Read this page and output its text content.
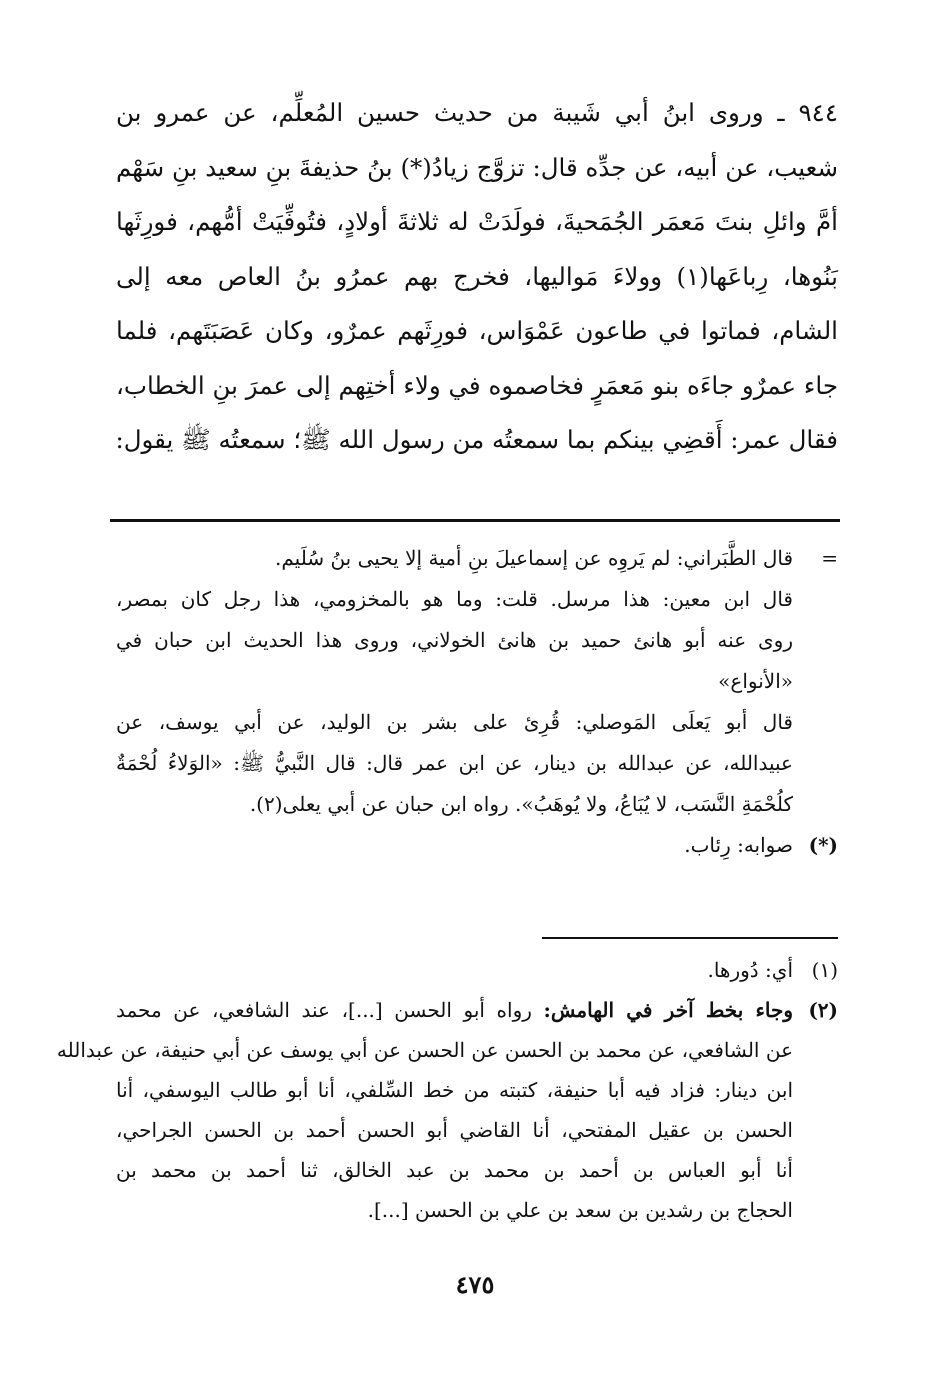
٩٤٤ ـ وروى ابنُ أبي شَيبة من حديث حسين المُعلِّم، عن عمرو بن
شعيب، عن أبيه، عن جدِّه قال: تزوَّج زيادُ(*) بنُ حذيفةَ بنِ سعيد بنِ سَهْم
أمَّ وائلِ بنتَ مَعمَر الجُمَحيةَ، فولَدَتْ له ثلاثةَ أولادٍ، فتُوفِّيَتْ أمُّهم، فورِثَها
بَنُوها، رِباعَها(١) وولاءَ مَواليها، فخرج بهم عمرُو بنُ العاص معه إلى
الشام، فماتوا في طاعون عَمْوَاس، فورِثَهم عمرٌو، وكان عَصَبَتَهم، فلما
جاء عمرٌو جاءَه بنو مَعمَرٍ فخاصموه في ولاء أختِهم إلى عمرَ بنِ الخطاب،
فقال عمر: أَقضِي بينكم بما سمعتُه من رسول الله ﷺ؛ سمعتُه ﷺ يقول:
=
قال الطَّبَراني: لم يَروِه عن إسماعيلَ بنِ أمية إلا يحيى بنُ سُلَيم.
قال ابن معين: هذا مرسل. قلت: وما هو بالمخزومي، هذا رجل كان بمصر،
روى عنه أبو هانئ حميد بن هانئ الخولاني، وروى هذا الحديث ابن حبان في
«الأنواع»
قال أبو يَعلَى المَوصلي: قُرِئ على بشر بن الوليد، عن أبي يوسف، عن
عبيدالله، عن عبدالله بن دينار، عن ابن عمر قال: قال النَّبيُّ ﷺ: «الوَلاءُ لُحْمَةٌ
كلُحْمَةِ النَّسَب، لا يُبَاعُ، ولا يُوهَبُ». رواه ابن حبان عن أبي يعلى(٢).
(*)
صوابه: رِئاب.
(١)
أي: دُورها.
(٢)
وجاء بخط آخر في الهامش: رواه أبو الحسن [...]، عند الشافعي، عن محمد
عن الشافعي، عن محمد بن الحسن عن الحسن عن أبي يوسف عن أبي حنيفة، عن عبدالله
ابن دينار: فزاد فيه أبا حنيفة، كتبته من خط السِّلفي، أنا أبو طالب اليوسفي، أنا
الحسن بن عقيل المفتحي، أنا القاضي أبو الحسن أحمد بن الحسن الجراحي،
أنا أبو العباس بن أحمد بن محمد بن عبد الخالق، ثنا أحمد بن محمد بن
الحجاج بن رشدين بن سعد بن علي بن الحسن [...].
٤٧٥
